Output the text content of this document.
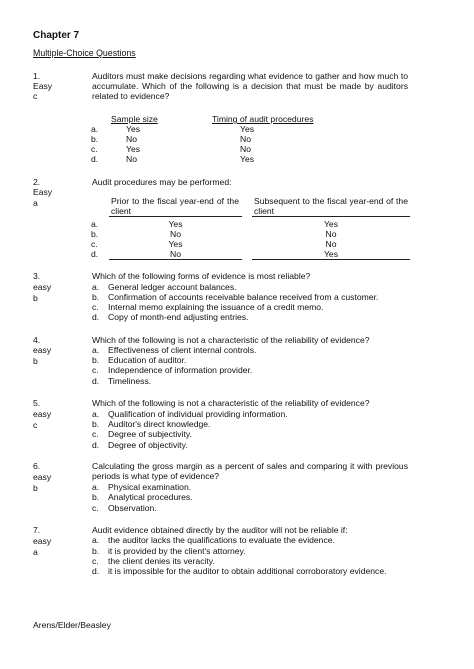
Chapter 7
Multiple-Choice Questions
1.
Easy
c
Auditors must make decisions regarding what evidence to gather and how much to accumulate. Which of the following is a decision that must be made by auditors related to evidence?
Sample size	Timing of audit procedures
a.	Yes	Yes
b.	No	No
c.	Yes	No
d.	No	Yes
2.
Easy
a
Audit procedures may be performed:
Prior to the fiscal year-end of the client
Subsequent to the fiscal year-end of the client
a.	Yes	Yes
b.	No	No
c.	Yes	No
d.	No	Yes
3.
easy
b
Which of the following forms of evidence is most reliable?
a. General ledger account balances.
b. Confirmation of accounts receivable balance received from a customer.
c. Internal memo explaining the issuance of a credit memo.
d. Copy of month-end adjusting entries.
4.
easy
b
Which of the following is not a characteristic of the reliability of evidence?
a. Effectiveness of client internal controls.
b. Education of auditor.
c. Independence of information provider.
d. Timeliness.
5.
easy
c
Which of the following is not a characteristic of the reliability of evidence?
a. Qualification of individual providing information.
b. Auditor's direct knowledge.
c. Degree of subjectivity.
d. Degree of objectivity.
6.
easy
b
Calculating the gross margin as a percent of sales and comparing it with previous periods is what type of evidence?
a. Physical examination.
b. Analytical procedures.
c. Observation.
7.
easy
a
Audit evidence obtained directly by the auditor will not be reliable if:
a. the auditor lacks the qualifications to evaluate the evidence.
b. it is provided by the client's attorney.
c. the client denies its veracity.
d. it is impossible for the auditor to obtain additional corroboratory evidence.
Arens/Elder/Beasley
